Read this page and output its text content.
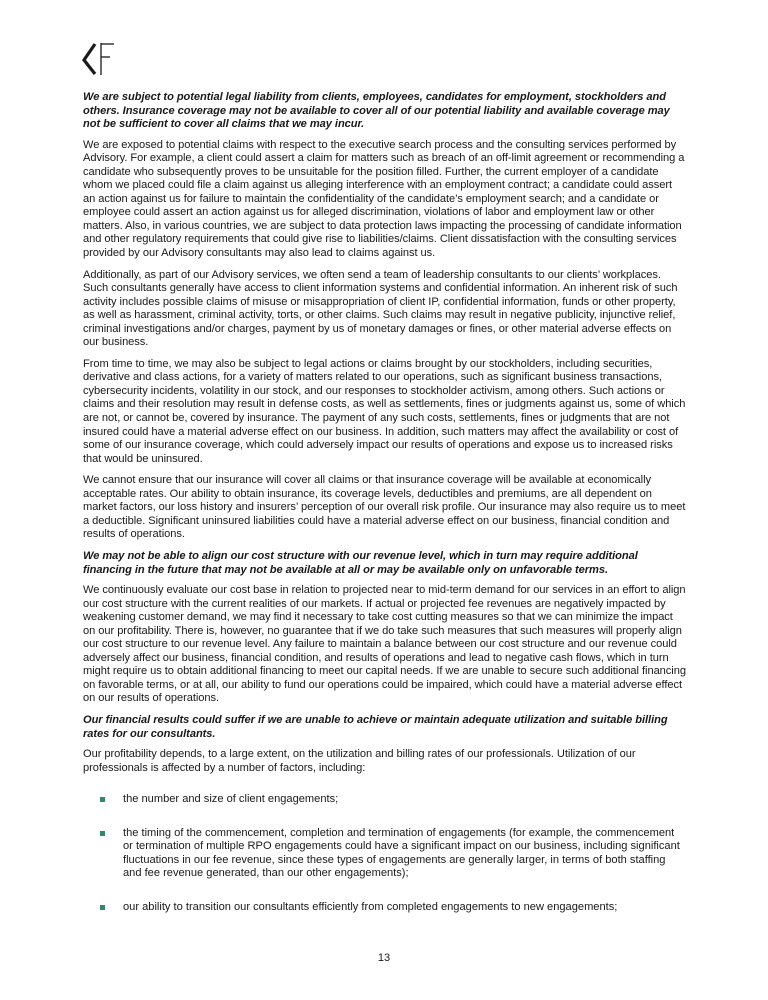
We are subject to potential legal liability from clients, employees, candidates for employment, stockholders and others. Insurance coverage may not be available to cover all of our potential liability and available coverage may not be sufficient to cover all claims that we may incur.

We are exposed to potential claims with respect to the executive search process and the consulting services performed by Advisory. For example, a client could assert a claim for matters such as breach of an off-limit agreement or recommending a candidate who subsequently proves to be unsuitable for the position filled. Further, the current employer of a candidate whom we placed could file a claim against us alleging interference with an employment contract; a candidate could assert an action against us for failure to maintain the confidentiality of the candidate’s employment search; and a candidate or employee could assert an action against us for alleged discrimination, violations of labor and employment law or other matters. Also, in various countries, we are subject to data protection laws impacting the processing of candidate information and other regulatory requirements that could give rise to liabilities/claims. Client dissatisfaction with the consulting services provided by our Advisory consultants may also lead to claims against us.

Additionally, as part of our Advisory services, we often send a team of leadership consultants to our clients’ workplaces. Such consultants generally have access to client information systems and confidential information. An inherent risk of such activity includes possible claims of misuse or misappropriation of client IP, confidential information, funds or other property, as well as harassment, criminal activity, torts, or other claims. Such claims may result in negative publicity, injunctive relief, criminal investigations and/or charges, payment by us of monetary damages or fines, or other material adverse effects on our business.

From time to time, we may also be subject to legal actions or claims brought by our stockholders, including securities, derivative and class actions, for a variety of matters related to our operations, such as significant business transactions, cybersecurity incidents, volatility in our stock, and our responses to stockholder activism, among others. Such actions or claims and their resolution may result in defense costs, as well as settlements, fines or judgments against us, some of which are not, or cannot be, covered by insurance. The payment of any such costs, settlements, fines or judgments that are not insured could have a material adverse effect on our business. In addition, such matters may affect the availability or cost of some of our insurance coverage, which could adversely impact our results of operations and expose us to increased risks that would be uninsured.

We cannot ensure that our insurance will cover all claims or that insurance coverage will be available at economically acceptable rates. Our ability to obtain insurance, its coverage levels, deductibles and premiums, are all dependent on market factors, our loss history and insurers’ perception of our overall risk profile. Our insurance may also require us to meet a deductible. Significant uninsured liabilities could have a material adverse effect on our business, financial condition and results of operations.

We may not be able to align our cost structure with our revenue level, which in turn may require additional financing in the future that may not be available at all or may be available only on unfavorable terms.

We continuously evaluate our cost base in relation to projected near to mid-term demand for our services in an effort to align our cost structure with the current realities of our markets. If actual or projected fee revenues are negatively impacted by weakening customer demand, we may find it necessary to take cost cutting measures so that we can minimize the impact on our profitability. There is, however, no guarantee that if we do take such measures that such measures will properly align our cost structure to our revenue level. Any failure to maintain a balance between our cost structure and our revenue could adversely affect our business, financial condition, and results of operations and lead to negative cash flows, which in turn might require us to obtain additional financing to meet our capital needs. If we are unable to secure such additional financing on favorable terms, or at all, our ability to fund our operations could be impaired, which could have a material adverse effect on our results of operations.

Our financial results could suffer if we are unable to achieve or maintain adequate utilization and suitable billing rates for our consultants.

Our profitability depends, to a large extent, on the utilization and billing rates of our professionals. Utilization of our professionals is affected by a number of factors, including:

the number and size of client engagements;
the timing of the commencement, completion and termination of engagements (for example, the commencement or termination of multiple RPO engagements could have a significant impact on our business, including significant fluctuations in our fee revenue, since these types of engagements are generally larger, in terms of both staffing and fee revenue generated, than our other engagements);
our ability to transition our consultants efficiently from completed engagements to new engagements;
13
